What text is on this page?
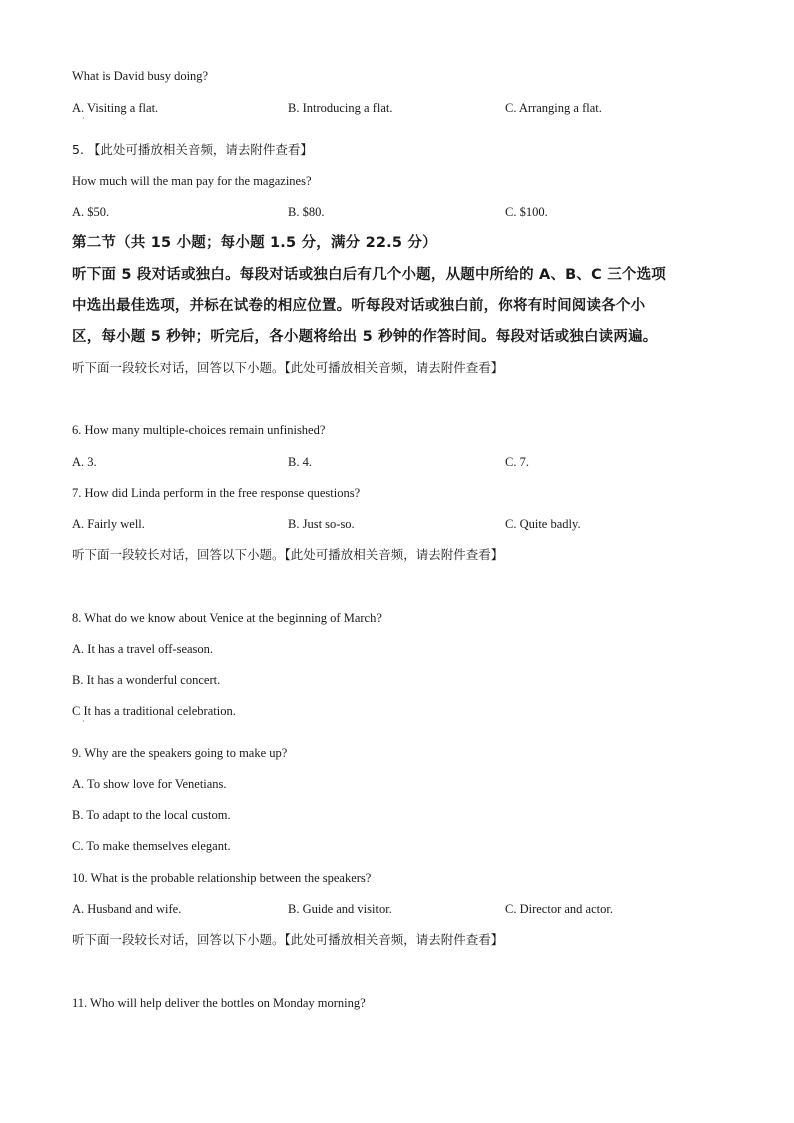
What is David busy doing?
A. Visiting a flat.	B. Introducing a flat.	C. Arranging a flat.
·
5. 【此处可播放相关音频，请去附件查看】
How much will the man pay for the magazines?
A. $50.	B. $80.	C. $100.
第二节（共 15 小题；每小题 1.5 分，满分 22.5 分）
听下面 5 段对话或独白。每段对话或独白后有几个小题，从题中所给的 A、B、C 三个选项
中选出最佳选项，并标在试卷的相应位置。听每段对话或独白前，你将有时间阅读各个小
区，每小题 5 秒钟；听完后，各小题将给出 5 秒钟的作答时间。每段对话或独白读两遍。
听下面一段较长对话，回答以下小题。【此处可播放相关音频，请去附件查看】
6. How many multiple-choices remain unfinished?
A. 3.	B. 4.	C. 7.
7. How did Linda perform in the free response questions?
A. Fairly well.	B. Just so-so.	C. Quite badly.
听下面一段较长对话，回答以下小题。【此处可播放相关音频，请去附件查看】
8. What do we know about Venice at the beginning of March?
A. It has a travel off-season.
B. It has a wonderful concert.
C It has a traditional celebration.
·
9. Why are the speakers going to make up?
A. To show love for Venetians.
B. To adapt to the local custom.
C. To make themselves elegant.
10. What is the probable relationship between the speakers?
A. Husband and wife.	B. Guide and visitor.	C. Director and actor.
听下面一段较长对话，回答以下小题。【此处可播放相关音频，请去附件查看】
11. Who will help deliver the bottles on Monday morning?
